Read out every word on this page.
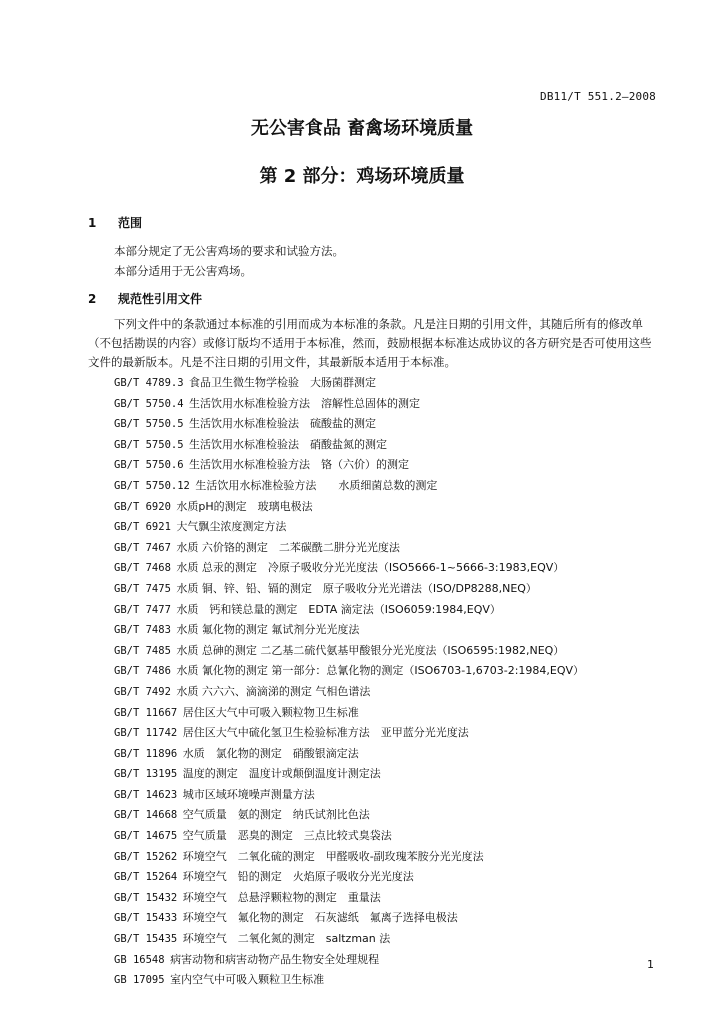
DB11/T 551.2—2008
无公害食品 畜禽场环境质量
第 2 部分：鸡场环境质量
1 范围
本部分规定了无公害鸡场的要求和试验方法。
本部分适用于无公害鸡场。
2 规范性引用文件
下列文件中的条款通过本标准的引用而成为本标准的条款。凡是注日期的引用文件，其随后所有的修改单（不包括勘误的内容）或修订版均不适用于本标准，然而，鼓励根据本标准达成协议的各方研究是否可使用这些文件的最新版本。凡是不注日期的引用文件，其最新版本适用于本标准。
GB/T 4789.3  食品卫生微生物学检验　大肠菌群测定
GB/T 5750.4  生活饮用水标准检验方法　溶解性总固体的测定
GB/T 5750.5  生活饮用水标准检验法　硫酸盐的测定
GB/T 5750.5  生活饮用水标准检验法　硝酸盐氮的测定
GB/T 5750.6  生活饮用水标准检验方法　铬（六价）的测定
GB/T 5750.12  生活饮用水标准检验方法　　水质细菌总数的测定
GB/T 6920  水质pH的测定　玻璃电极法
GB/T 6921  大气飘尘浓度测定方法
GB/T 7467  水质 六价铬的测定　二苯碳酰二肼分光光度法
GB/T 7468  水质 总汞的测定　冷原子吸收分光光度法（ISO5666-1~5666-3:1983,EQV）
GB/T 7475  水质 铜、锌、铅、镉的测定　原子吸收分光光谱法（ISO/DP8288,NEQ）
GB/T 7477  水质　钙和镁总量的测定　EDTA 滴定法（ISO6059:1984,EQV）
GB/T 7483  水质 氟化物的测定 氟试剂分光光度法
GB/T 7485  水质 总砷的测定 二乙基二硫代氨基甲酸银分光光度法（ISO6595:1982,NEQ）
GB/T 7486  水质 氰化物的测定 第一部分：总氰化物的测定（ISO6703-1,6703-2:1984,EQV）
GB/T 7492  水质 六六六、滴滴涕的测定 气相色谱法
GB/T 11667  居住区大气中可吸入颗粒物卫生标准
GB/T 11742  居住区大气中硫化氢卫生检验标准方法　亚甲蓝分光光度法
GB/T 11896  水质　氯化物的测定　硝酸银滴定法
GB/T 13195  温度的测定　温度计或颠倒温度计测定法
GB/T 14623  城市区域环境噪声测量方法
GB/T 14668  空气质量　氨的测定　纳氏试剂比色法
GB/T 14675  空气质量　恶臭的测定　三点比较式臭袋法
GB/T 15262  环境空气　二氧化硫的测定　甲醛吸收-副玫瑰苯胺分光光度法
GB/T 15264  环境空气　铅的测定　火焰原子吸收分光光度法
GB/T 15432  环境空气　总悬浮颗粒物的测定　重量法
GB/T 15433  环境空气　氟化物的测定　石灰滤纸　氟离子选择电极法
GB/T 15435  环境空气　二氧化氮的测定　saltzman 法
GB 16548  病害动物和病害动物产品生物安全处理规程
GB 17095  室内空气中可吸入颗粒卫生标准
1
